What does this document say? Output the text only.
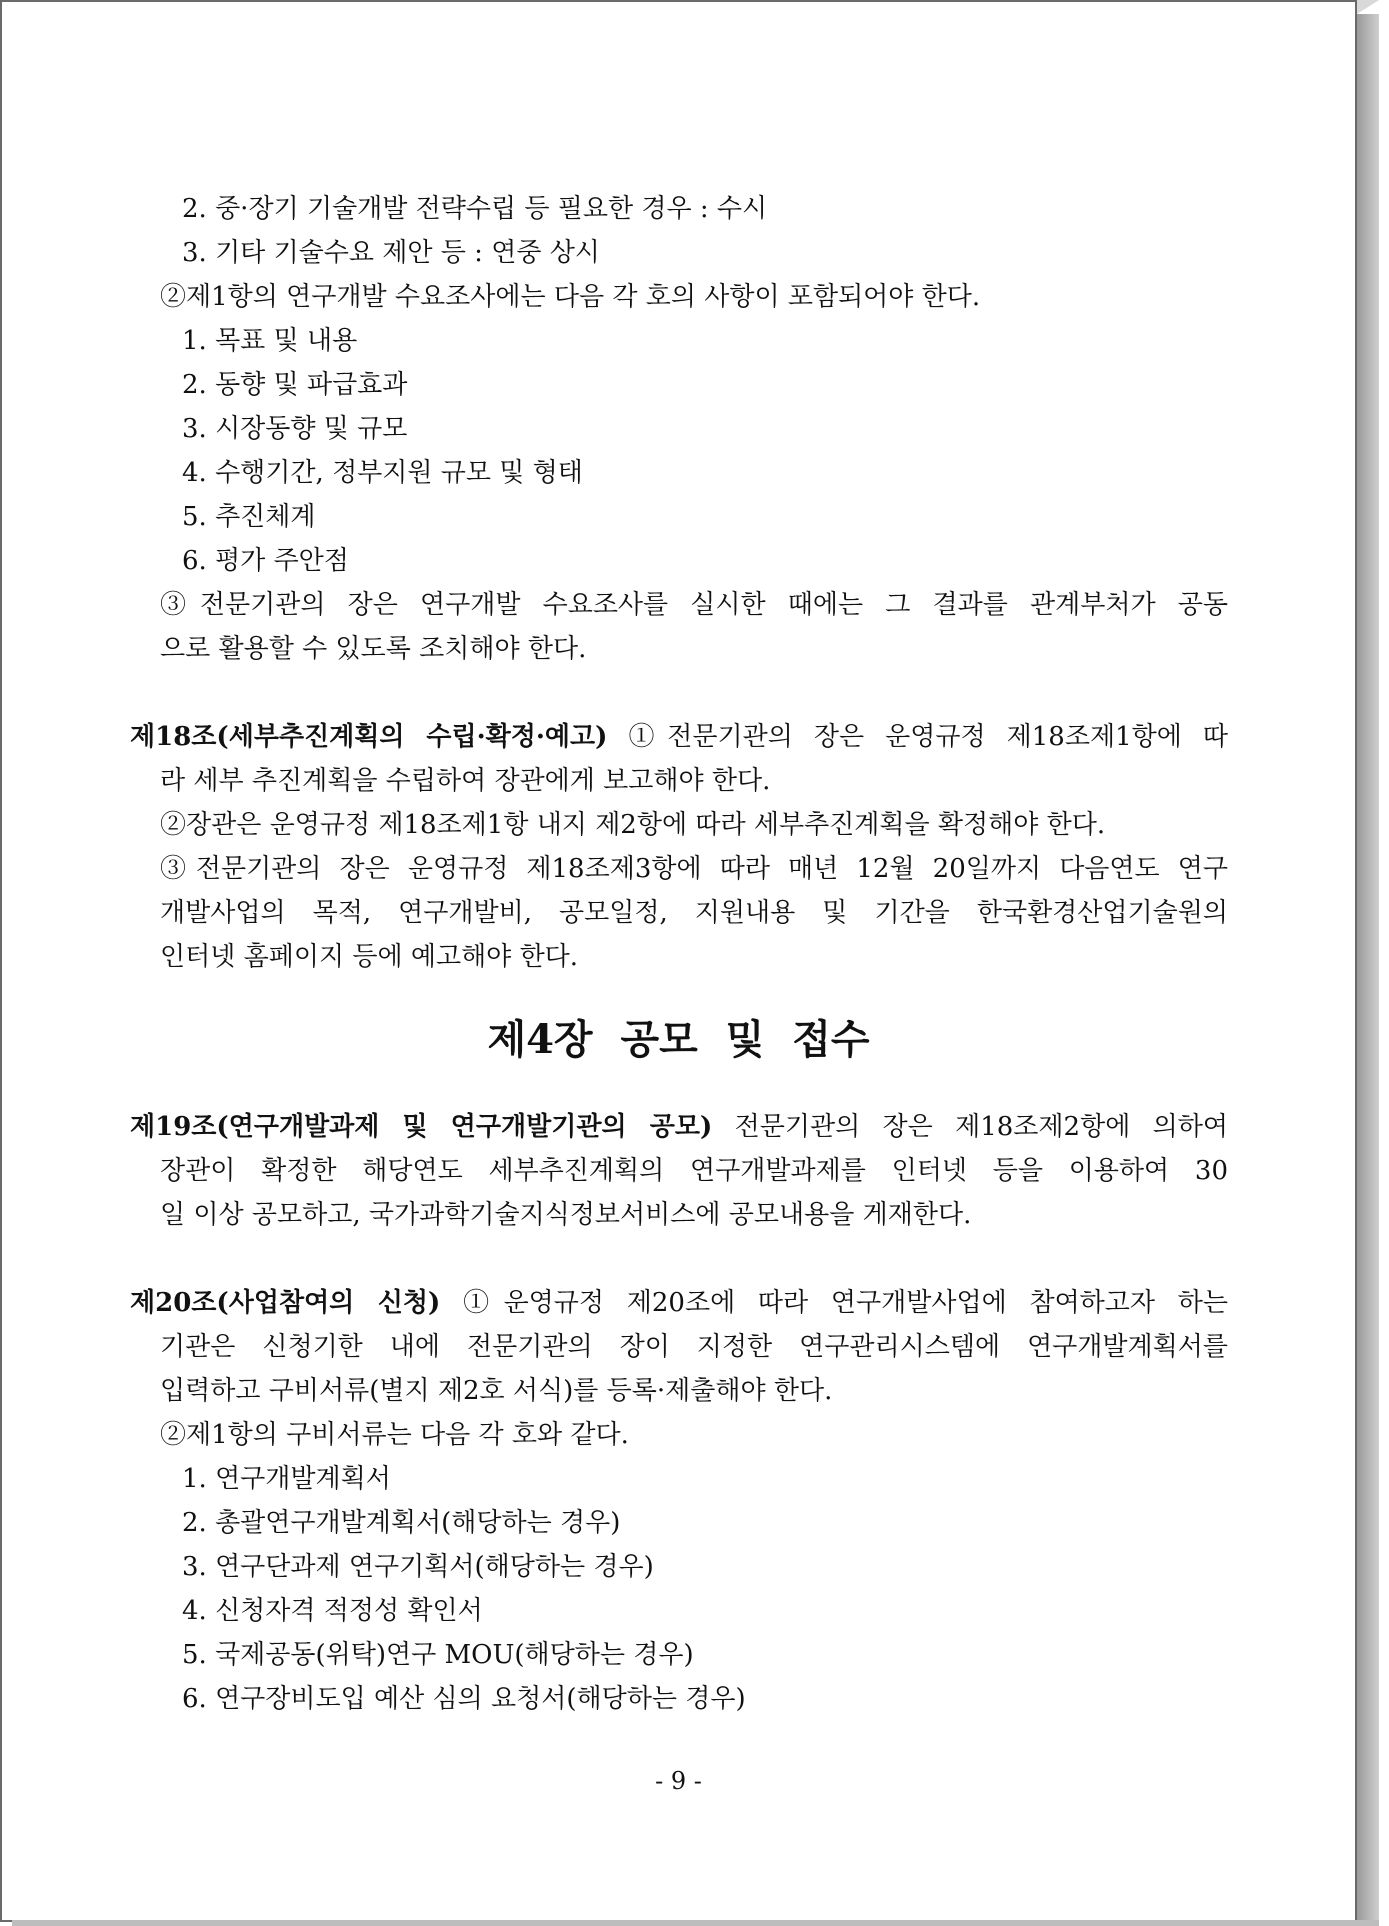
2. 중·장기 기술개발 전략수립 등 필요한 경우 : 수시
3. 기타 기술수요 제안 등 : 연중 상시
②제1항의 연구개발 수요조사에는 다음 각 호의 사항이 포함되어야 한다.
1. 목표 및 내용
2. 동향 및 파급효과
3. 시장동향 및 규모
4. 수행기간, 정부지원 규모 및 형태
5. 추진체계
6. 평가 주안점
③전문기관의 장은 연구개발 수요조사를 실시한 때에는 그 결과를 관계부처가 공동
으로 활용할 수 있도록 조치해야 한다.
제18조(세부추진계획의 수립·확정·예고) ①전문기관의 장은 운영규정 제18조제1항에 따
라 세부 추진계획을 수립하여 장관에게 보고해야 한다.
②장관은 운영규정 제18조제1항 내지 제2항에 따라 세부추진계획을 확정해야 한다.
③전문기관의 장은 운영규정 제18조제3항에 따라 매년 12월 20일까지 다음연도 연구
개발사업의 목적, 연구개발비, 공모일정, 지원내용 및 기간을 한국환경산업기술원의
인터넷 홈페이지 등에 예고해야 한다.
제4장 공모 및 접수
제19조(연구개발과제 및 연구개발기관의 공모) 전문기관의 장은 제18조제2항에 의하여
장관이 확정한 해당연도 세부추진계획의 연구개발과제를 인터넷 등을 이용하여 30
일 이상 공모하고, 국가과학기술지식정보서비스에 공모내용을 게재한다.
제20조(사업참여의 신청) ①운영규정 제20조에 따라 연구개발사업에 참여하고자 하는
기관은 신청기한 내에 전문기관의 장이 지정한 연구관리시스템에 연구개발계획서를
입력하고 구비서류(별지 제2호 서식)를 등록·제출해야 한다.
②제1항의 구비서류는 다음 각 호와 같다.
1. 연구개발계획서
2. 총괄연구개발계획서(해당하는 경우)
3. 연구단과제 연구기획서(해당하는 경우)
4. 신청자격 적정성 확인서
5. 국제공동(위탁)연구 MOU(해당하는 경우)
6. 연구장비도입 예산 심의 요청서(해당하는 경우)
- 9 -
